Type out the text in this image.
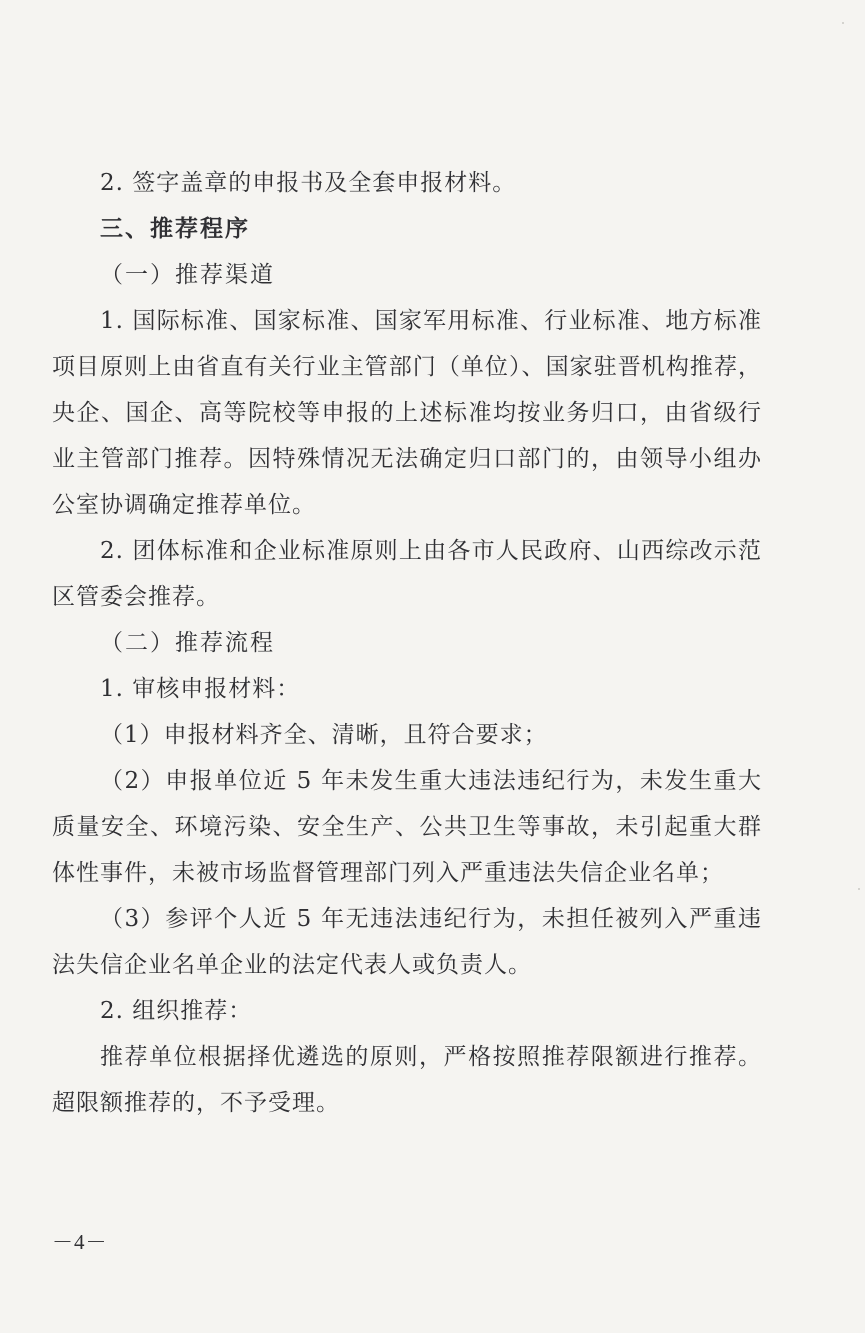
2. 签字盖章的申报书及全套申报材料。

三、推荐程序

（一）推荐渠道

1. 国际标准、国家标准、国家军用标准、行业标准、地方标准项目原则上由省直有关行业主管部门（单位）、国家驻晋机构推荐，央企、国企、高等院校等申报的上述标准均按业务归口，由省级行业主管部门推荐。因特殊情况无法确定归口部门的，由领导小组办公室协调确定推荐单位。

2. 团体标准和企业标准原则上由各市人民政府、山西综改示范区管委会推荐。

（二）推荐流程

1. 审核申报材料：

（1）申报材料齐全、清晰，且符合要求；

（2）申报单位近 5 年未发生重大违法违纪行为，未发生重大质量安全、环境污染、安全生产、公共卫生等事故，未引起重大群体性事件，未被市场监督管理部门列入严重违法失信企业名单；

（3）参评个人近 5 年无违法违纪行为，未担任被列入严重违法失信企业名单企业的法定代表人或负责人。

2. 组织推荐：

推荐单位根据择优遴选的原则，严格按照推荐限额进行推荐。超限额推荐的，不予受理。

－4－
